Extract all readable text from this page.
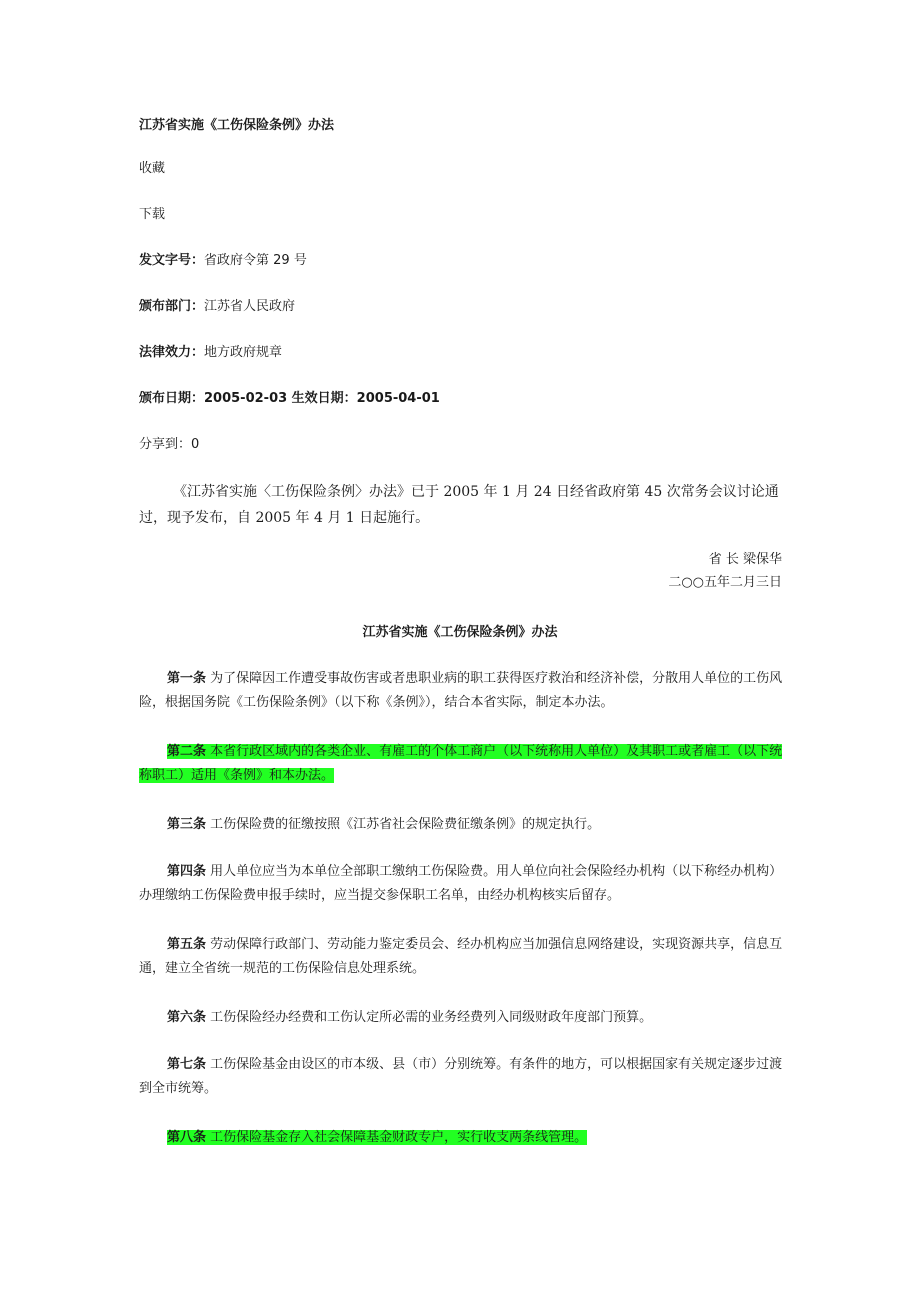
江苏省实施《工伤保险条例》办法
收藏
下载
发文字号：省政府令第 29 号
颁布部门：江苏省人民政府
法律效力：地方政府规章
颁布日期：2005-02-03 生效日期：2005-04-01
分享到：0
《江苏省实施〈工伤保险条例〉办法》已于 2005 年 1 月 24 日经省政府第 45 次常务会议讨论通过，现予发布，自 2005 年 4 月 1 日起施行。
省 长 梁保华
二○○五年二月三日
江苏省实施《工伤保险条例》办法
第一条 为了保障因工作遭受事故伤害或者患职业病的职工获得医疗救治和经济补偿，分散用人单位的工伤风险，根据国务院《工伤保险条例》（以下称《条例》），结合本省实际，制定本办法。
第二条 本省行政区域内的各类企业、有雇工的个体工商户（以下统称用人单位）及其职工或者雇工（以下统称职工）适用《条例》和本办法。
第三条 工伤保险费的征缴按照《江苏省社会保险费征缴条例》的规定执行。
第四条 用人单位应当为本单位全部职工缴纳工伤保险费。用人单位向社会保险经办机构（以下称经办机构）办理缴纳工伤保险费申报手续时，应当提交参保职工名单，由经办机构核实后留存。
第五条 劳动保障行政部门、劳动能力鉴定委员会、经办机构应当加强信息网络建设，实现资源共享，信息互通，建立全省统一规范的工伤保险信息处理系统。
第六条 工伤保险经办经费和工伤认定所必需的业务经费列入同级财政年度部门预算。
第七条 工伤保险基金由设区的市本级、县（市）分别统筹。有条件的地方，可以根据国家有关规定逐步过渡到全市统筹。
第八条 工伤保险基金存入社会保障基金财政专户，实行收支两条线管理。
